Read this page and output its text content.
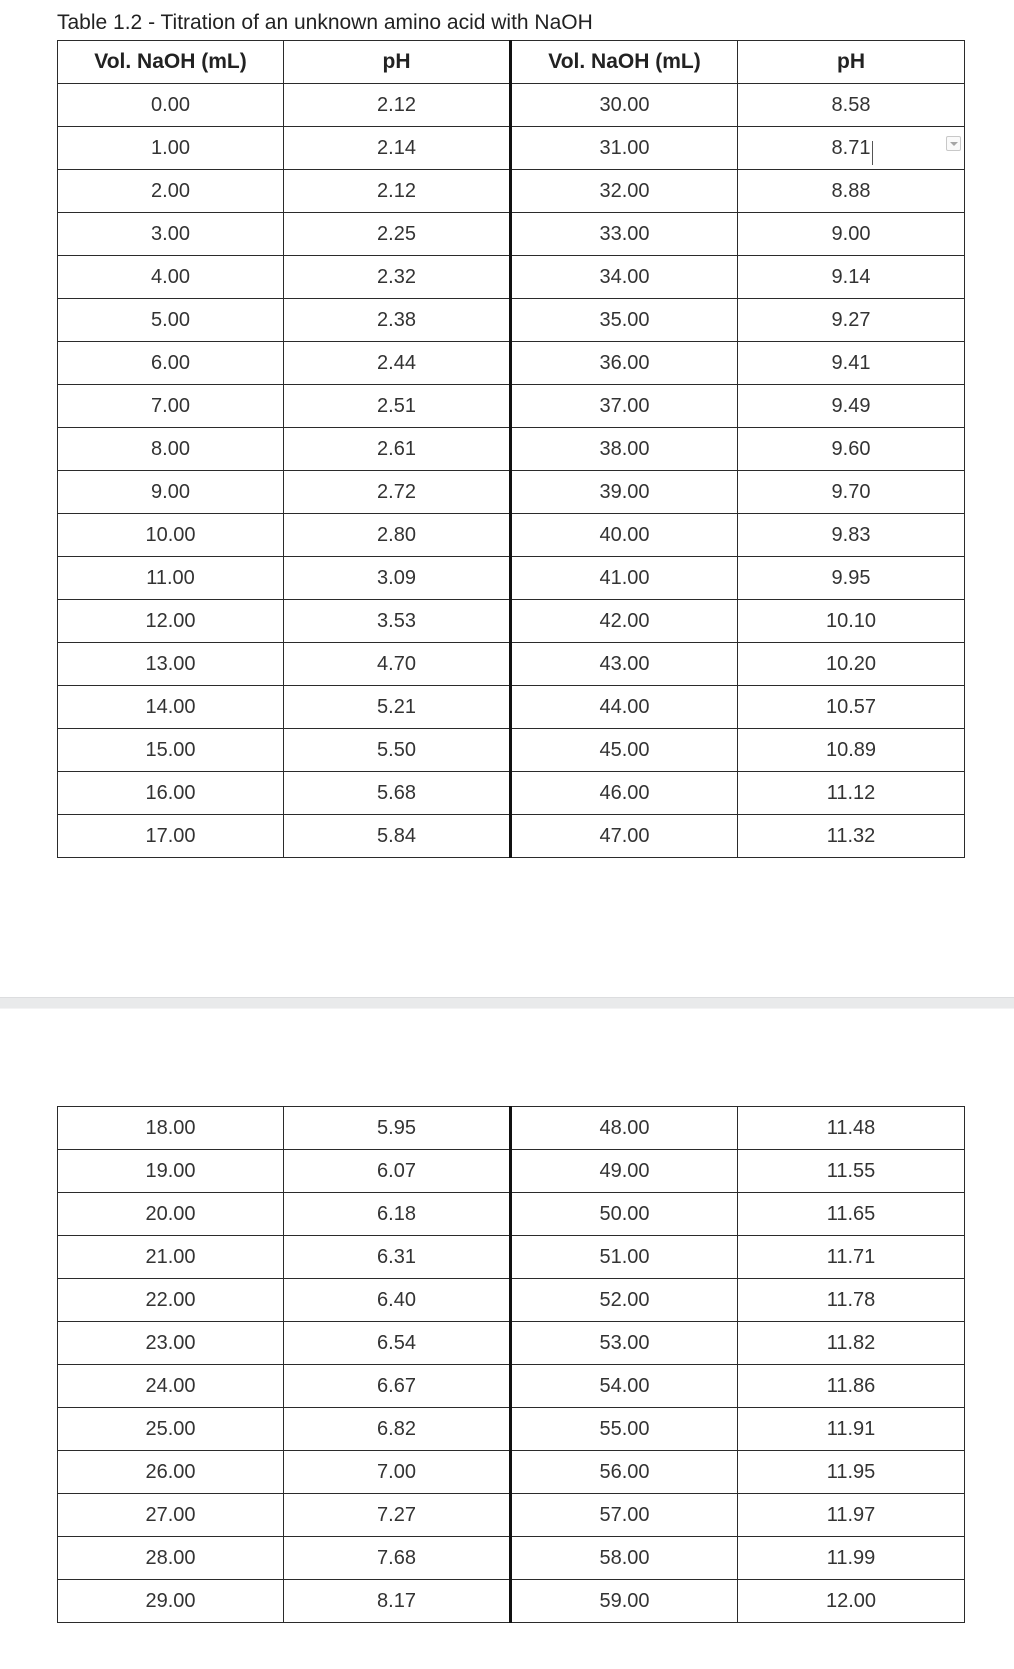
Table 1.2 - Titration of an unknown amino acid with NaOH
Vol. NaOH (mL)	pH	Vol. NaOH (mL)	pH
0.00	2.12	30.00	8.58
1.00	2.14	31.00	8.71
2.00	2.12	32.00	8.88
3.00	2.25	33.00	9.00
4.00	2.32	34.00	9.14
5.00	2.38	35.00	9.27
6.00	2.44	36.00	9.41
7.00	2.51	37.00	9.49
8.00	2.61	38.00	9.60
9.00	2.72	39.00	9.70
10.00	2.80	40.00	9.83
11.00	3.09	41.00	9.95
12.00	3.53	42.00	10.10
13.00	4.70	43.00	10.20
14.00	5.21	44.00	10.57
15.00	5.50	45.00	10.89
16.00	5.68	46.00	11.12
17.00	5.84	47.00	11.32
18.00	5.95	48.00	11.48
19.00	6.07	49.00	11.55
20.00	6.18	50.00	11.65
21.00	6.31	51.00	11.71
22.00	6.40	52.00	11.78
23.00	6.54	53.00	11.82
24.00	6.67	54.00	11.86
25.00	6.82	55.00	11.91
26.00	7.00	56.00	11.95
27.00	7.27	57.00	11.97
28.00	7.68	58.00	11.99
29.00	8.17	59.00	12.00
